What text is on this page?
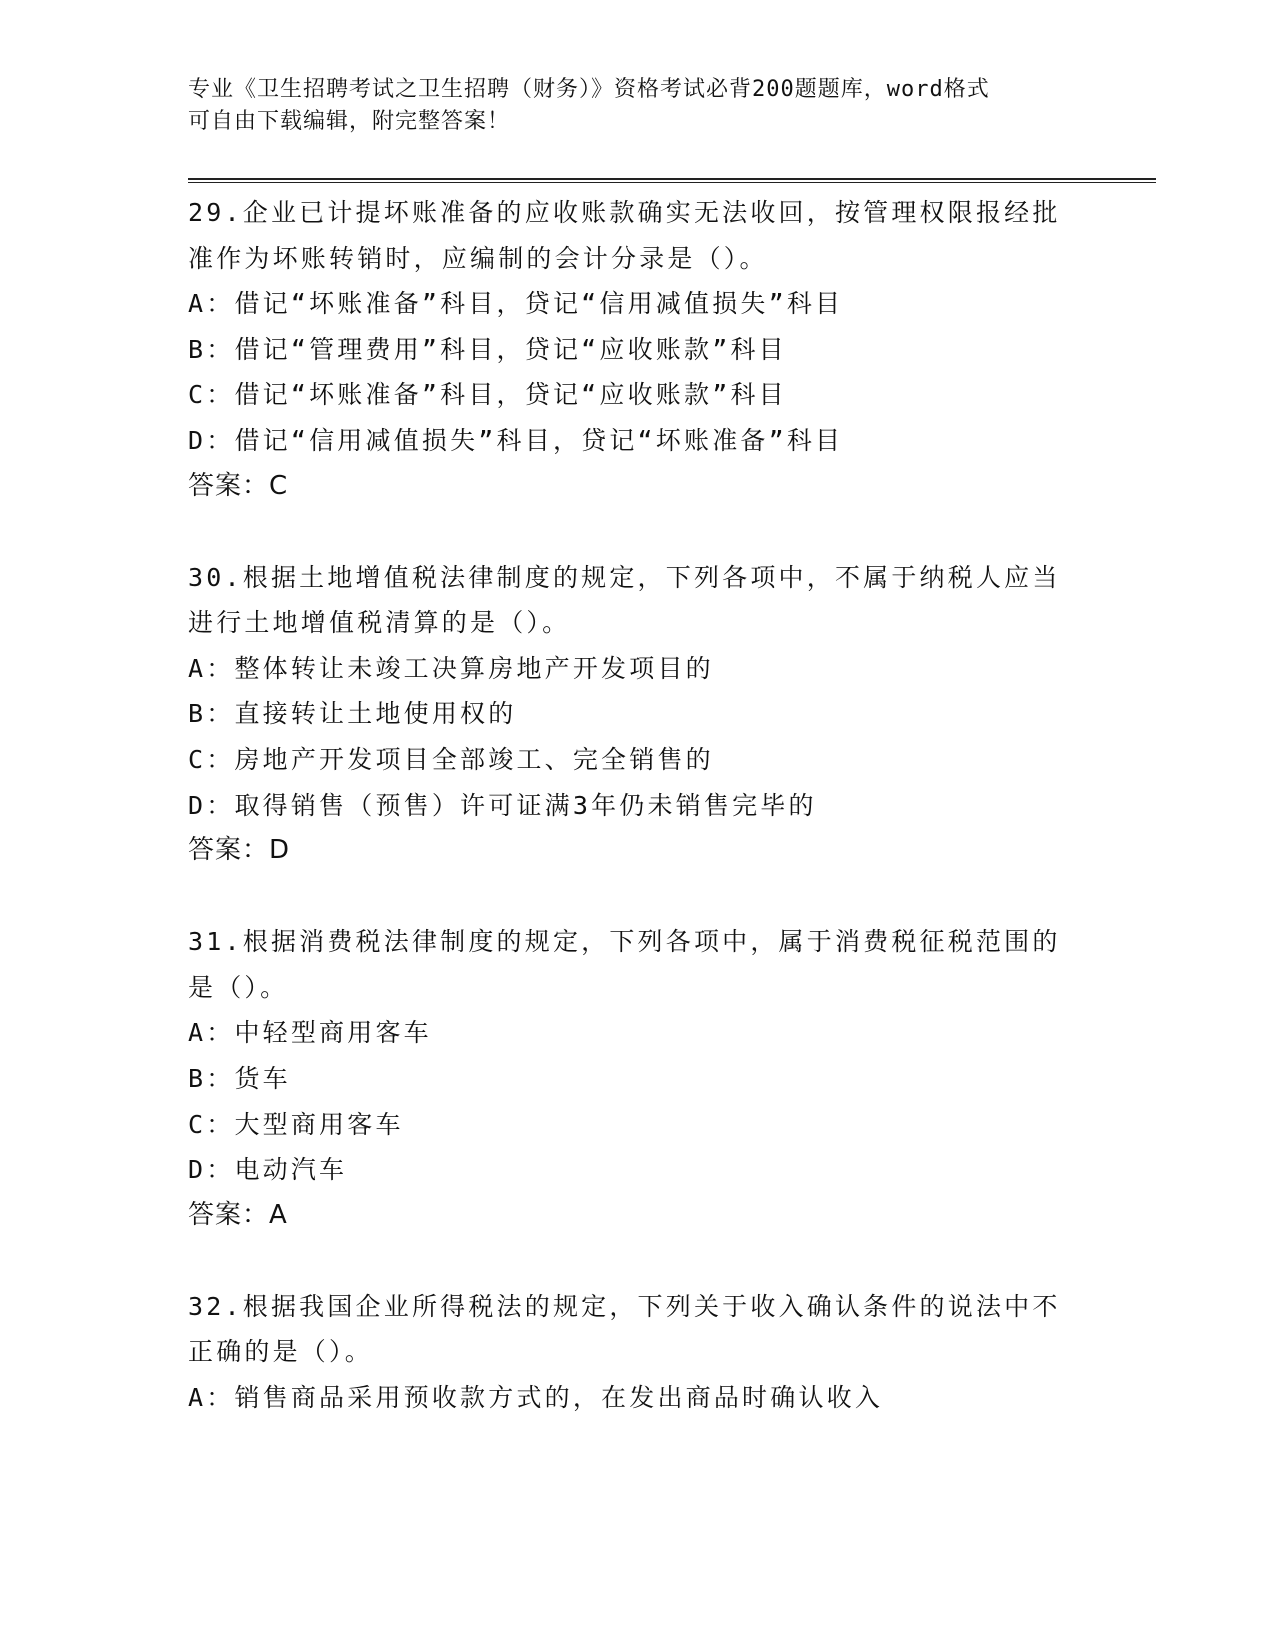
专业《卫生招聘考试之卫生招聘（财务）》资格考试必背200题题库，word格式
可自由下载编辑，附完整答案！
29.企业已计提坏账准备的应收账款确实无法收回，按管理权限报经批
准作为坏账转销时，应编制的会计分录是（）。
A：借记“坏账准备”科目，贷记“信用减值损失”科目
B：借记“管理费用”科目，贷记“应收账款”科目
C：借记“坏账准备”科目，贷记“应收账款”科目
D：借记“信用减值损失”科目，贷记“坏账准备”科目
答案：C
30.根据土地增值税法律制度的规定，下列各项中，不属于纳税人应当
进行土地增值税清算的是（）。
A：整体转让未竣工决算房地产开发项目的
B：直接转让土地使用权的
C：房地产开发项目全部竣工、完全销售的
D：取得销售（预售）许可证满3年仍未销售完毕的
答案：D
31.根据消费税法律制度的规定，下列各项中，属于消费税征税范围的
是（）。
A：中轻型商用客车
B：货车
C：大型商用客车
D：电动汽车
答案：A
32.根据我国企业所得税法的规定，下列关于收入确认条件的说法中不
正确的是（）。
A：销售商品采用预收款方式的，在发出商品时确认收入
